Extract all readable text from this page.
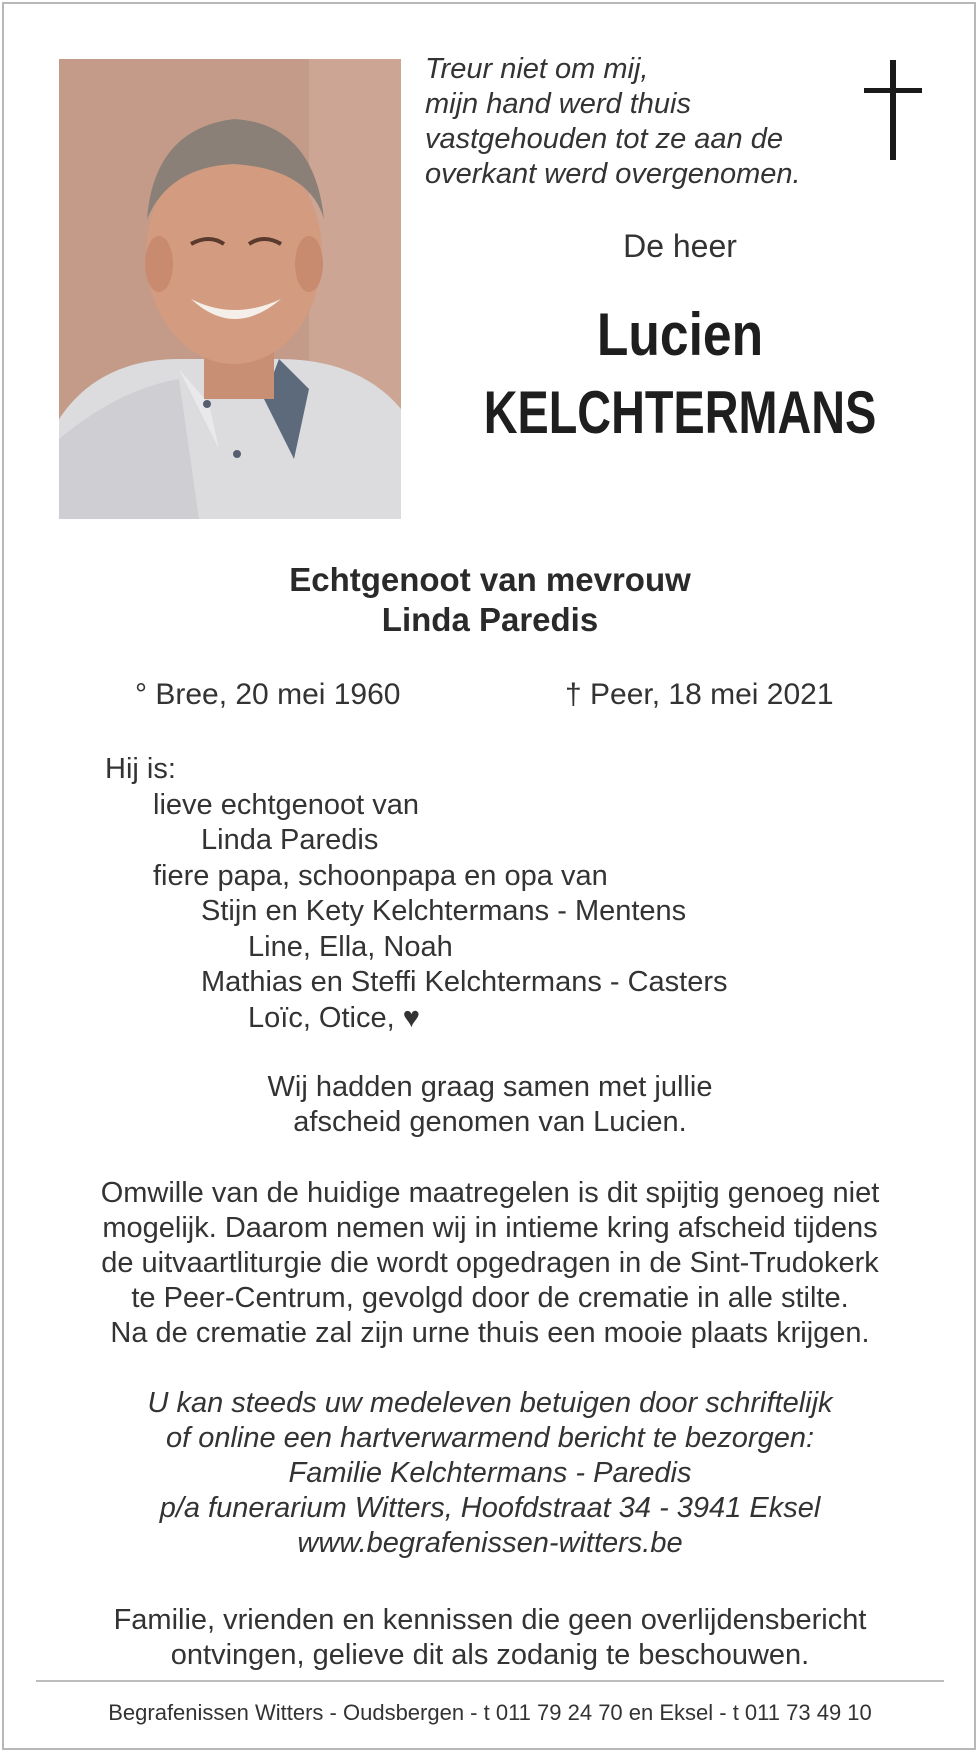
Treur niet om mij,
mijn hand werd thuis
vastgehouden tot ze aan de
overkant werd overgenomen.
De heer
Lucien
KELCHTERMANS
Echtgenoot van mevrouw
Linda Paredis
° Bree, 20 mei 1960	† Peer, 18 mei 2021
Hij is:
lieve echtgenoot van
Linda Paredis
fiere papa, schoonpapa en opa van
Stijn en Kety Kelchtermans - Mentens
Line, Ella, Noah
Mathias en Steffi Kelchtermans - Casters
Loïc, Otice, ♥
Wij hadden graag samen met jullie
afscheid genomen van Lucien.
Omwille van de huidige maatregelen is dit spijtig genoeg niet
mogelijk. Daarom nemen wij in intieme kring afscheid tijdens
de uitvaartliturgie die wordt opgedragen in de Sint-Trudokerk
te Peer-Centrum, gevolgd door de crematie in alle stilte.
Na de crematie zal zijn urne thuis een mooie plaats krijgen.
U kan steeds uw medeleven betuigen door schriftelijk
of online een hartverwarmend bericht te bezorgen:
Familie Kelchtermans - Paredis
p/a funerarium Witters, Hoofdstraat 34 - 3941 Eksel
www.begrafenissen-witters.be
Familie, vrienden en kennissen die geen overlijdensbericht
ontvingen, gelieve dit als zodanig te beschouwen.
Begrafenissen Witters - Oudsbergen - t 011 79 24 70 en Eksel - t 011 73 49 10
